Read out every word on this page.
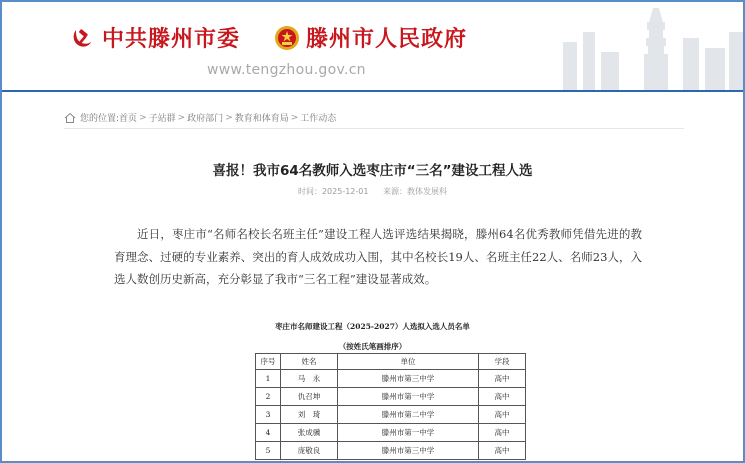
中共滕州市委	滕州市人民政府
www.tengzhou.gov.cn
您的位置: 首页 > 子站群 > 政府部门 > 教育和体育局 > 工作动态
喜报！我市64名教师入选枣庄市“三名”建设工程人选
时间：2025-12-01 来源：教体发展科
近日，枣庄市“名师名校长名班主任”建设工程人选评选结果揭晓，滕州64名优秀教师凭借先进的教育理念、过硬的专业素养、突出的育人成效成功入围，其中名校长19人、名班主任22人、名师23人，入选人数创历史新高，充分彰显了我市“三名工程”建设显著成效。
枣庄市名师建设工程（2025-2027）人选拟入选人员名单
（按姓氏笔画排序）
序号	姓名	单位	学段
1	马　永	滕州市第三中学	高中
2	仇召坤	滕州市第一中学	高中
3	刘　琦	滕州市第二中学	高中
4	张成骥	滕州市第一中学	高中
5	庞敬良	滕州市第三中学	高中
